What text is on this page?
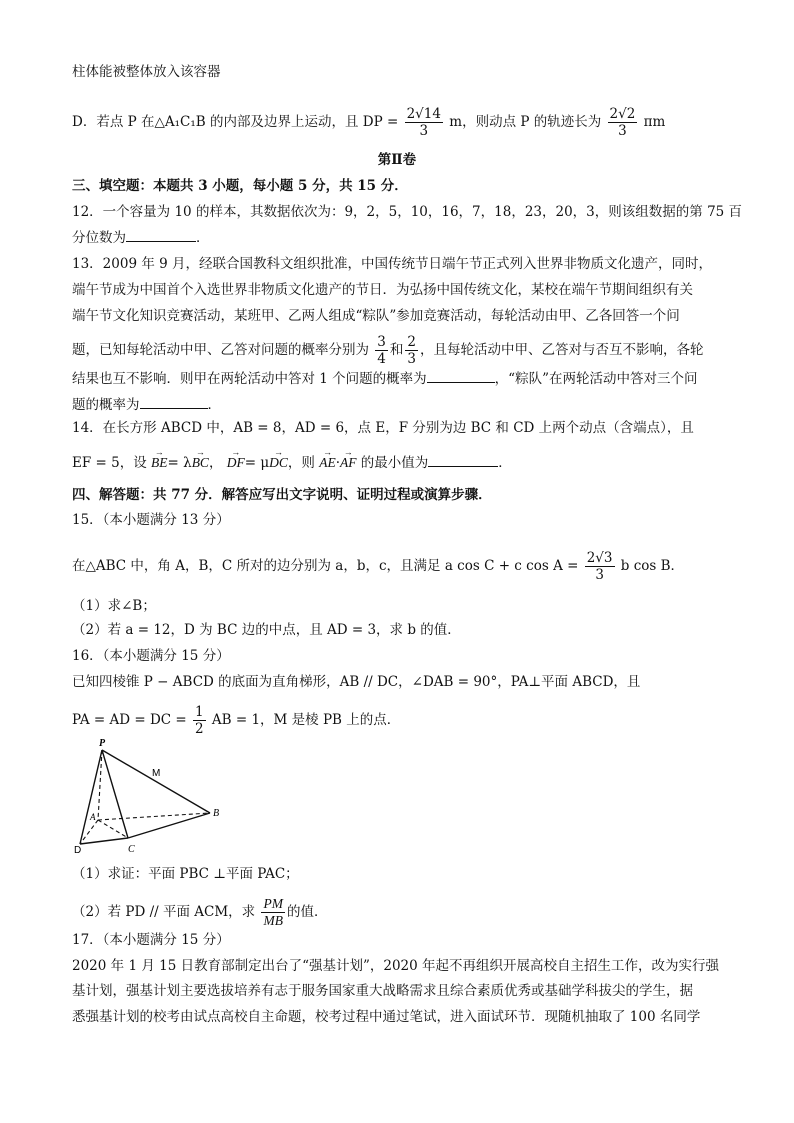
柱体能被整体放入该容器
D．若点 P 在△A₁C₁B 的内部及边界上运动，且 DP = $\frac{2√14}{3}$ m，则动点 P 的轨迹长为 $\frac{2√2}{3}$ πm
第Ⅱ卷
三、填空题：本题共 3 小题，每小题 5 分，共 15 分．
12．一个容量为 10 的样本，其数据依次为：9，2，5，10，16，7，18，23，20，3，则该组数据的第 75 百
分位数为	．
13．2009 年 9 月，经联合国教科文组织批准，中国传统节日端午节正式列入世界非物质文化遗产，同时，
端午节成为中国首个入选世界非物质文化遗产的节日．为弘扬中国传统文化，某校在端午节期间组织有关
端午节文化知识竞赛活动，某班甲、乙两人组成“粽队”参加竞赛活动，每轮活动由甲、乙各回答一个问
题，已知每轮活动中甲、乙答对问题的概率分别为 $\frac{3}{4}$ 和 $\frac{2}{3}$ ，且每轮活动中甲、乙答对与否互不影响，各轮
结果也互不影响．则甲在两轮活动中答对 1 个问题的概率为	，“粽队”在两轮活动中答对三个问
题的概率为	．
14．在长方形 ABCD 中，AB = 8，AD = 6，点 E，F 分别为边 BC 和 CD 上两个动点（含端点），且
EF = 5，设 → BE= λ→ BC， → DF= μ→ DC，则 → AE·→ AF 的最小值为	．
四、解答题：共 77 分．解答应写出文字说明、证明过程或演算步骤．
15．（本小题满分 13 分）
在△ABC 中，角 A，B，C 所对的边分别为 a，b，c，且满足 a cos C + c $\cos A = \frac{2√3}{3}$ b cos B．
（1）求∠B；
（2）若 a = 12，D 为 BC 边的中点，且 AD = 3，求 b 的值．
16．（本小题满分 15 分）
已知四棱锥 P − ABCD 的底面为直角梯形，AB // DC，∠DAB = 90°，PA⊥平面 ABCD，且
PA = AD = DC = $\frac{1}{2}$ AB = 1，M 是棱 PB 上的点．
P
M
A	B
C
D
（1）求证：平面 PBC ⊥平面 PAC；
（2）若 PD // 平面 ACM，求 $\frac{PM}{MB}$ 的值．
17．（本小题满分 15 分）
2020 年 1 月 15 日教育部制定出台了“强基计划”，2020 年起不再组织开展高校自主招生工作，改为实行强
基计划，强基计划主要选拔培养有志于服务国家重大战略需求且综合素质优秀或基础学科拔尖的学生，据
悉强基计划的校考由试点高校自主命题，校考过程中通过笔试，进入面试环节．现随机抽取了 100 名同学
